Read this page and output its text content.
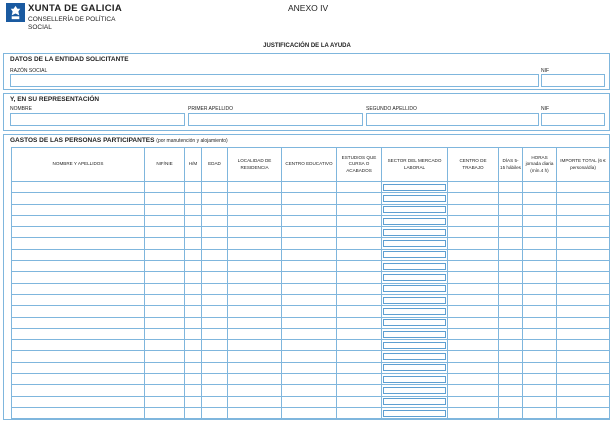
XUNTA DE GALICIA
CONSELLERÍA DE POLÍTICA
SOCIAL
ANEXO IV
JUSTIFICACIÓN DE LA AYUDA
DATOS DE LA ENTIDAD SOLICITANTE
RAZÓN SOCIAL	NIF
Y, EN SU REPRESENTACIÓN
NOMBRE	PRIMER APELLIDO	SEGUNDO APELLIDO	NIF
GASTOS DE LAS PERSONAS PARTICIPANTES (por manutención y alojamiento)
NOMBRE Y APELLIDOS	NIF/NIE	H/M	EDAD	LOCALIDAD DE RESIDENCIA	CENTRO EDUCATIVO	ESTUDIOS QUE CURSA O ACABADOS	SECTOR DEL MERCADO LABORAL	CENTRO DE TRABAJO	DÍAS 5-15 hábiles	HORAS jornada diaria (mín.4 h)	IMPORTE TOTAL (6 € persona/día)
